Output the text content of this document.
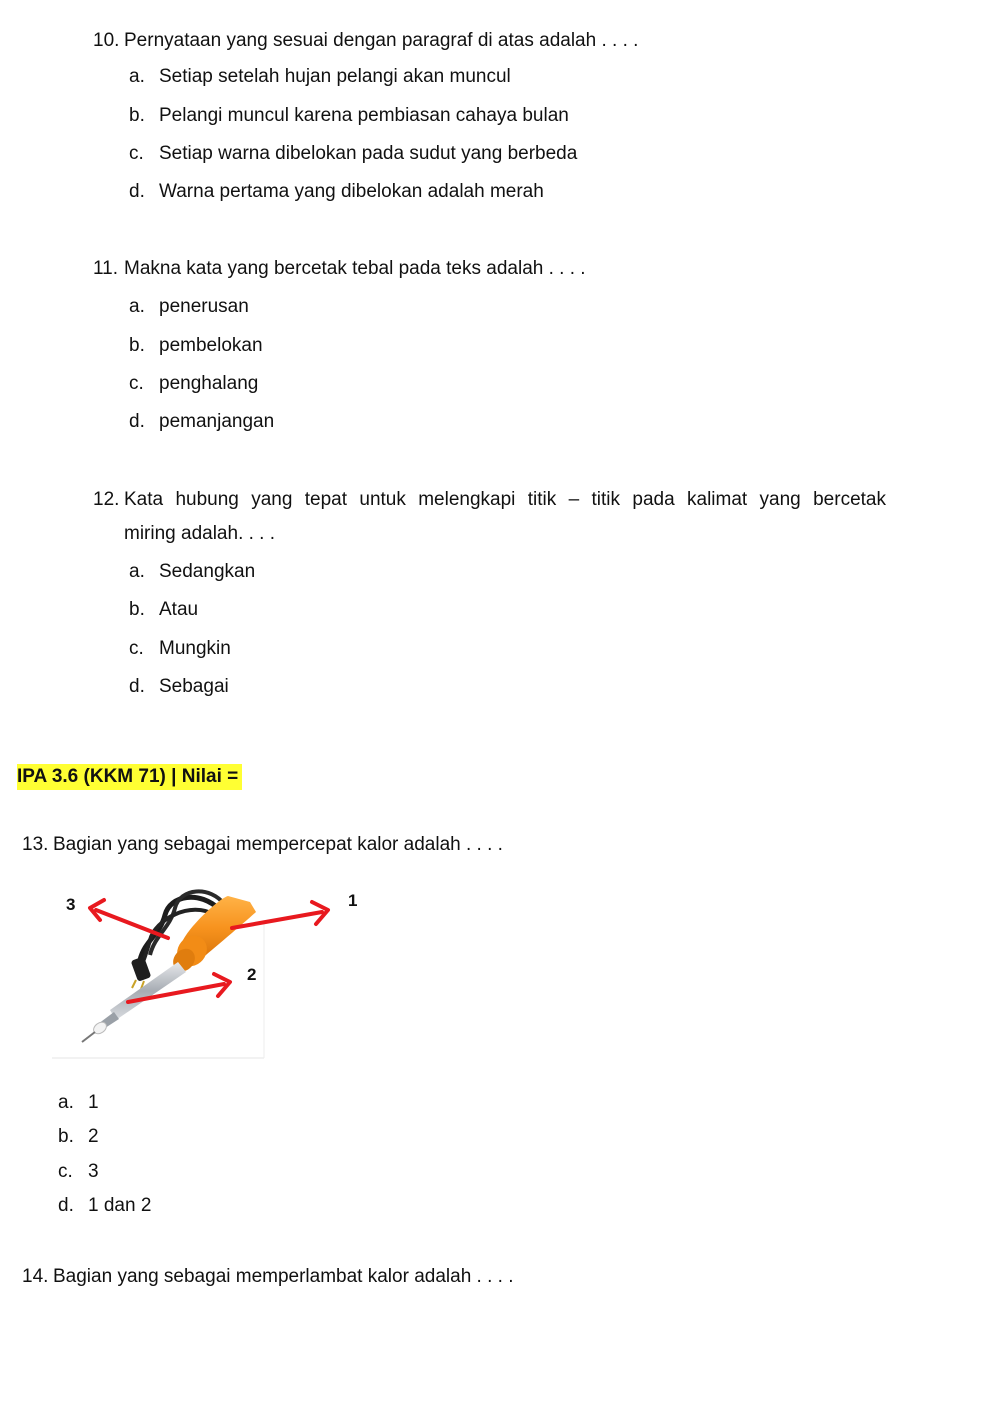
10. Pernyataan yang sesuai dengan paragraf di atas adalah . . . .
a. Setiap setelah hujan pelangi akan muncul
b. Pelangi muncul karena pembiasan cahaya bulan
c. Setiap warna dibelokan pada sudut yang berbeda
d. Warna pertama yang dibelokan adalah merah
11. Makna kata yang bercetak tebal pada teks adalah . . . .
a. penerusan
b. pembelokan
c. penghalang
d. pemanjangan
12. Kata hubung yang tepat untuk melengkapi titik – titik pada kalimat yang bercetak
miring adalah. . . .
a. Sedangkan
b. Atau
c. Mungkin
d. Sebagai
IPA 3.6 (KKM 71) | Nilai =
13. Bagian yang sebagai mempercepat kalor adalah . . . .
3	1
2
a. 1
b. 2
c. 3
d. 1 dan 2
14. Bagian yang sebagai memperlambat kalor adalah . . . .
